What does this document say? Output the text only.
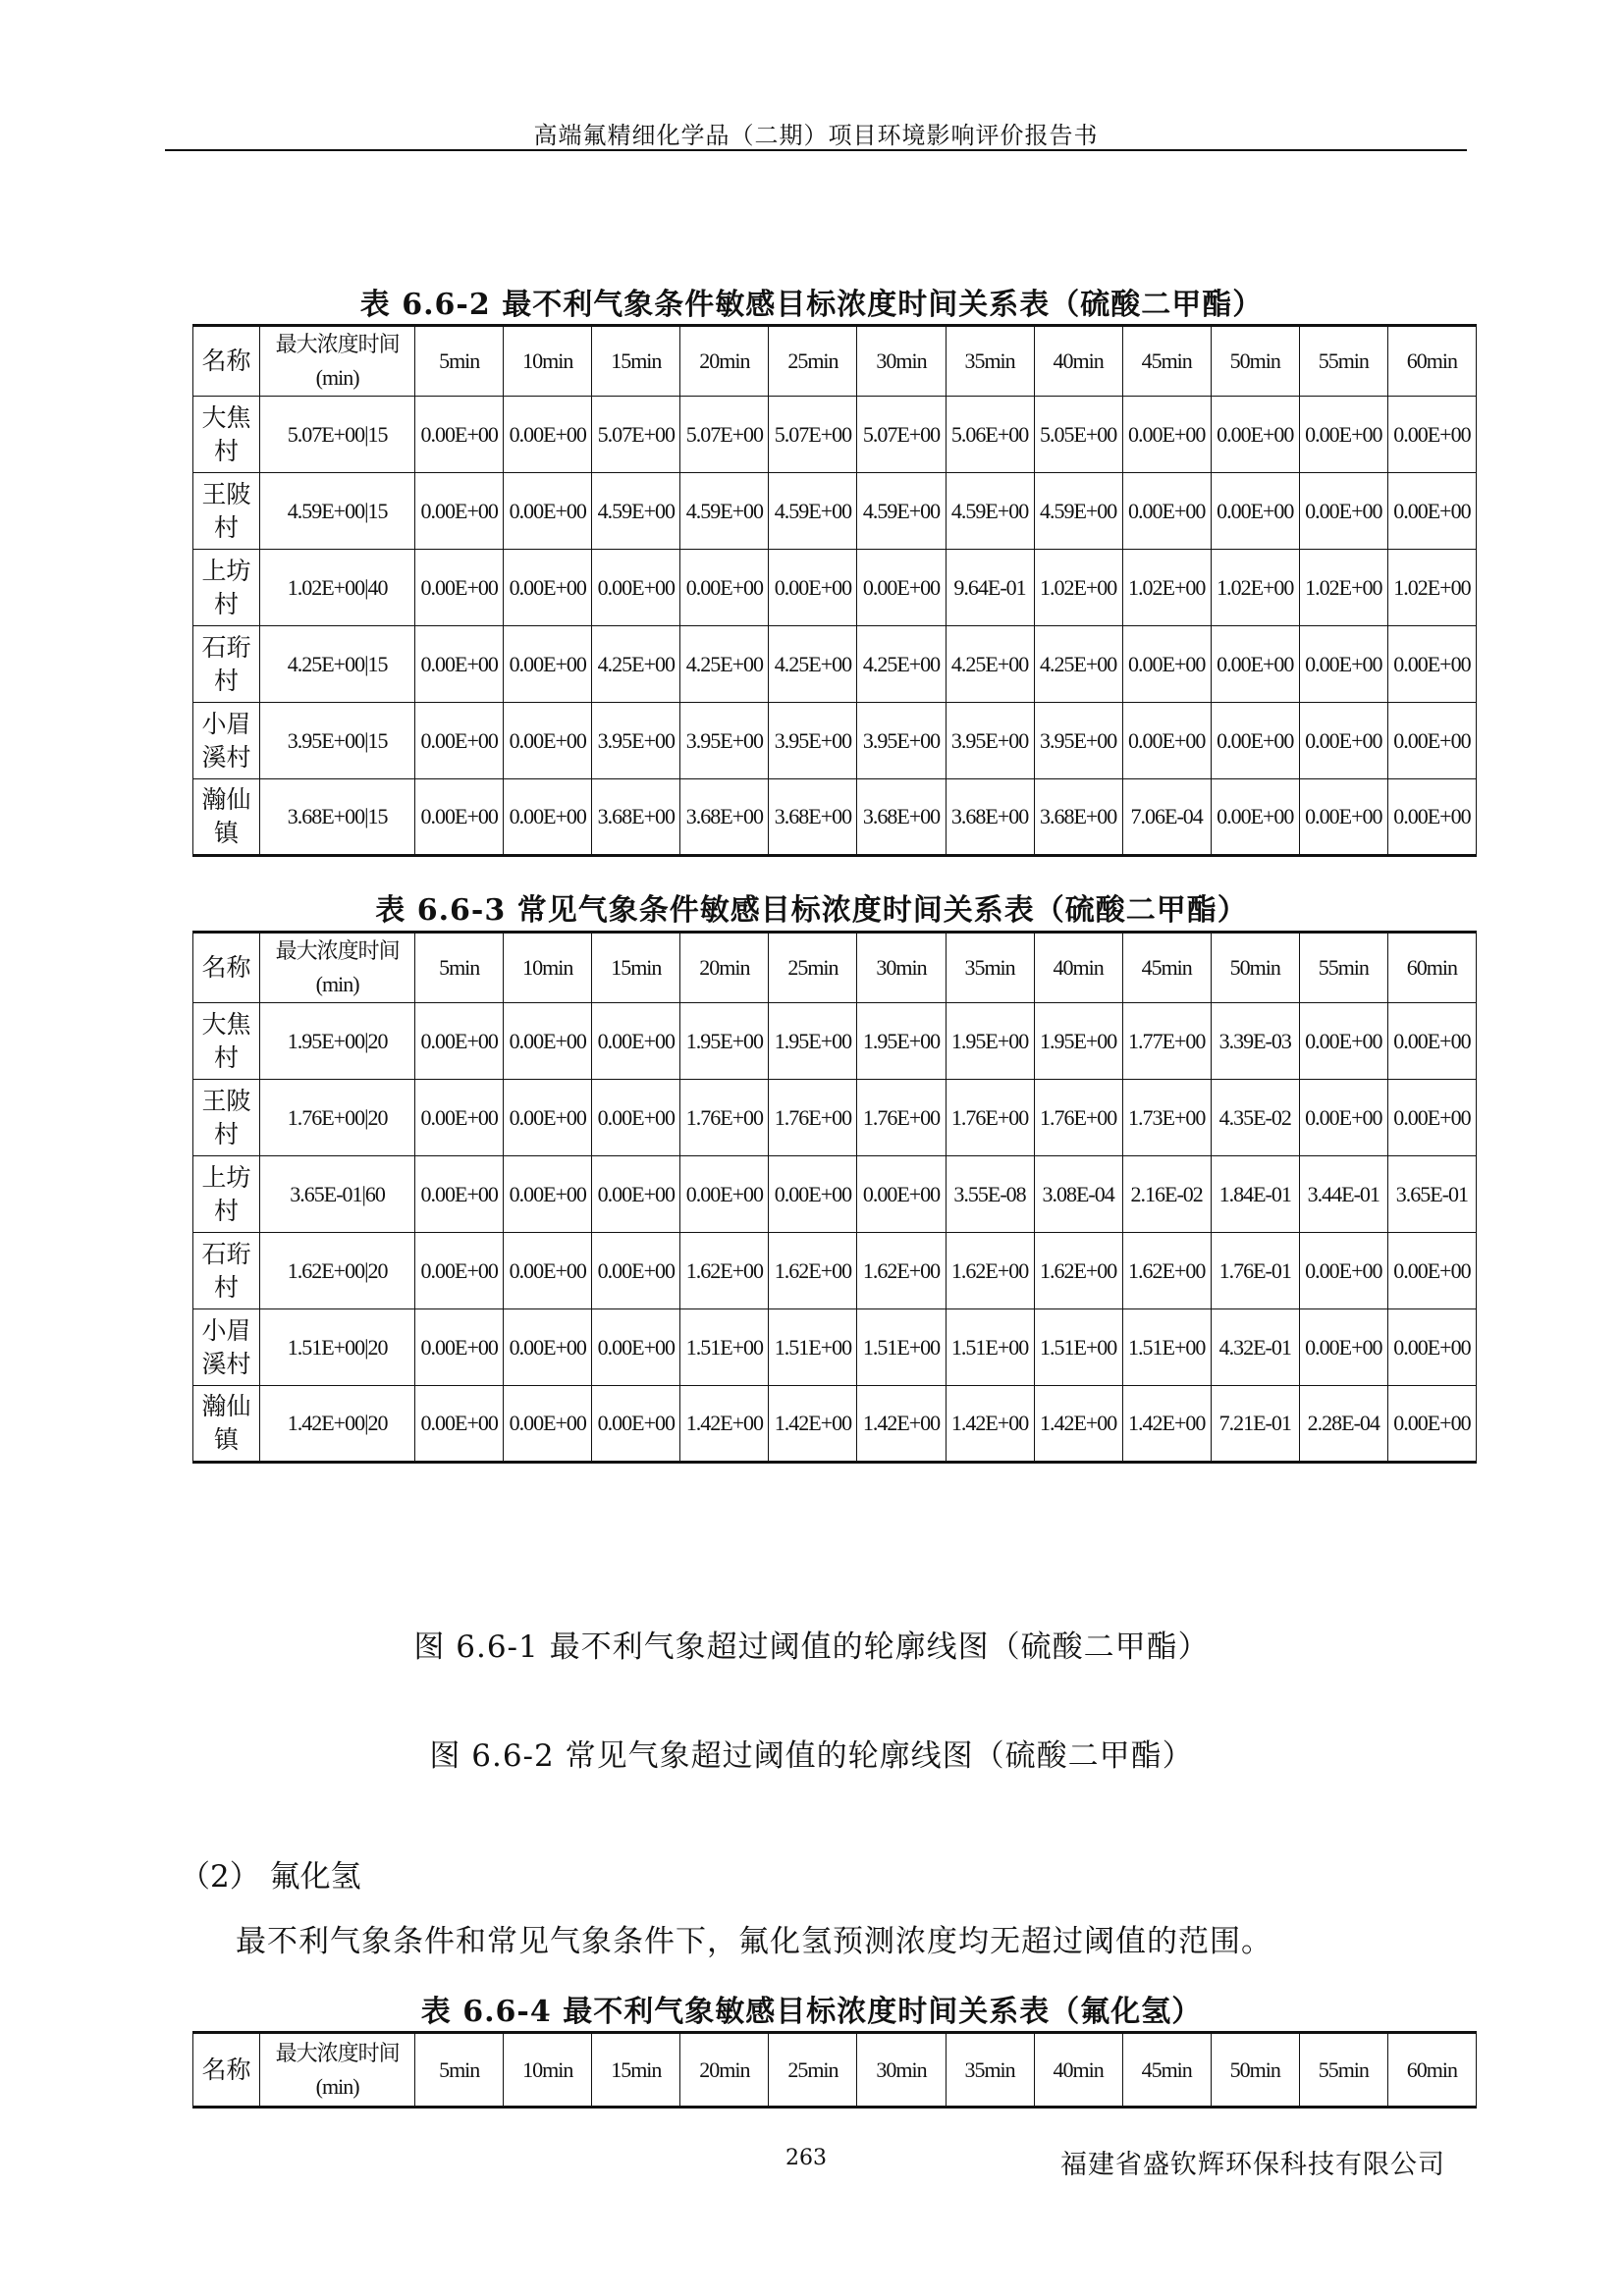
高端氟精细化学品（二期）项目环境影响评价报告书
表 6.6-2 最不利气象条件敏感目标浓度时间关系表（硫酸二甲酯）
名称	最大浓度时间(min)	5min	10min	15min	20min	25min	30min	35min	40min	45min	50min	55min	60min
大焦村	5.07E+00|15	0.00E+00	0.00E+00	5.07E+00	5.07E+00	5.07E+00	5.07E+00	5.06E+00	5.05E+00	0.00E+00	0.00E+00	0.00E+00	0.00E+00
王陂村	4.59E+00|15	0.00E+00	0.00E+00	4.59E+00	4.59E+00	4.59E+00	4.59E+00	4.59E+00	4.59E+00	0.00E+00	0.00E+00	0.00E+00	0.00E+00
上坊村	1.02E+00|40	0.00E+00	0.00E+00	0.00E+00	0.00E+00	0.00E+00	0.00E+00	9.64E-01	1.02E+00	1.02E+00	1.02E+00	1.02E+00	1.02E+00
石珩村	4.25E+00|15	0.00E+00	0.00E+00	4.25E+00	4.25E+00	4.25E+00	4.25E+00	4.25E+00	4.25E+00	0.00E+00	0.00E+00	0.00E+00	0.00E+00
小眉溪村	3.95E+00|15	0.00E+00	0.00E+00	3.95E+00	3.95E+00	3.95E+00	3.95E+00	3.95E+00	3.95E+00	0.00E+00	0.00E+00	0.00E+00	0.00E+00
瀚仙镇	3.68E+00|15	0.00E+00	0.00E+00	3.68E+00	3.68E+00	3.68E+00	3.68E+00	3.68E+00	3.68E+00	7.06E-04	0.00E+00	0.00E+00	0.00E+00
表 6.6-3 常见气象条件敏感目标浓度时间关系表（硫酸二甲酯）
名称	最大浓度时间(min)	5min	10min	15min	20min	25min	30min	35min	40min	45min	50min	55min	60min
大焦村	1.95E+00|20	0.00E+00	0.00E+00	0.00E+00	1.95E+00	1.95E+00	1.95E+00	1.95E+00	1.95E+00	1.77E+00	3.39E-03	0.00E+00	0.00E+00
王陂村	1.76E+00|20	0.00E+00	0.00E+00	0.00E+00	1.76E+00	1.76E+00	1.76E+00	1.76E+00	1.76E+00	1.73E+00	4.35E-02	0.00E+00	0.00E+00
上坊村	3.65E-01|60	0.00E+00	0.00E+00	0.00E+00	0.00E+00	0.00E+00	0.00E+00	3.55E-08	3.08E-04	2.16E-02	1.84E-01	3.44E-01	3.65E-01
石珩村	1.62E+00|20	0.00E+00	0.00E+00	0.00E+00	1.62E+00	1.62E+00	1.62E+00	1.62E+00	1.62E+00	1.62E+00	1.76E-01	0.00E+00	0.00E+00
小眉溪村	1.51E+00|20	0.00E+00	0.00E+00	0.00E+00	1.51E+00	1.51E+00	1.51E+00	1.51E+00	1.51E+00	1.51E+00	4.32E-01	0.00E+00	0.00E+00
瀚仙镇	1.42E+00|20	0.00E+00	0.00E+00	0.00E+00	1.42E+00	1.42E+00	1.42E+00	1.42E+00	1.42E+00	1.42E+00	7.21E-01	2.28E-04	0.00E+00
图 6.6-1 最不利气象超过阈值的轮廓线图（硫酸二甲酯）
图 6.6-2 常见气象超过阈值的轮廓线图（硫酸二甲酯）
（2） 氟化氢
最不利气象条件和常见气象条件下，氟化氢预测浓度均无超过阈值的范围。
表 6.6-4 最不利气象敏感目标浓度时间关系表（氟化氢）
名称	最大浓度时间(min)	5min	10min	15min	20min	25min	30min	35min	40min	45min	50min	55min	60min
263	福建省盛钦辉环保科技有限公司
